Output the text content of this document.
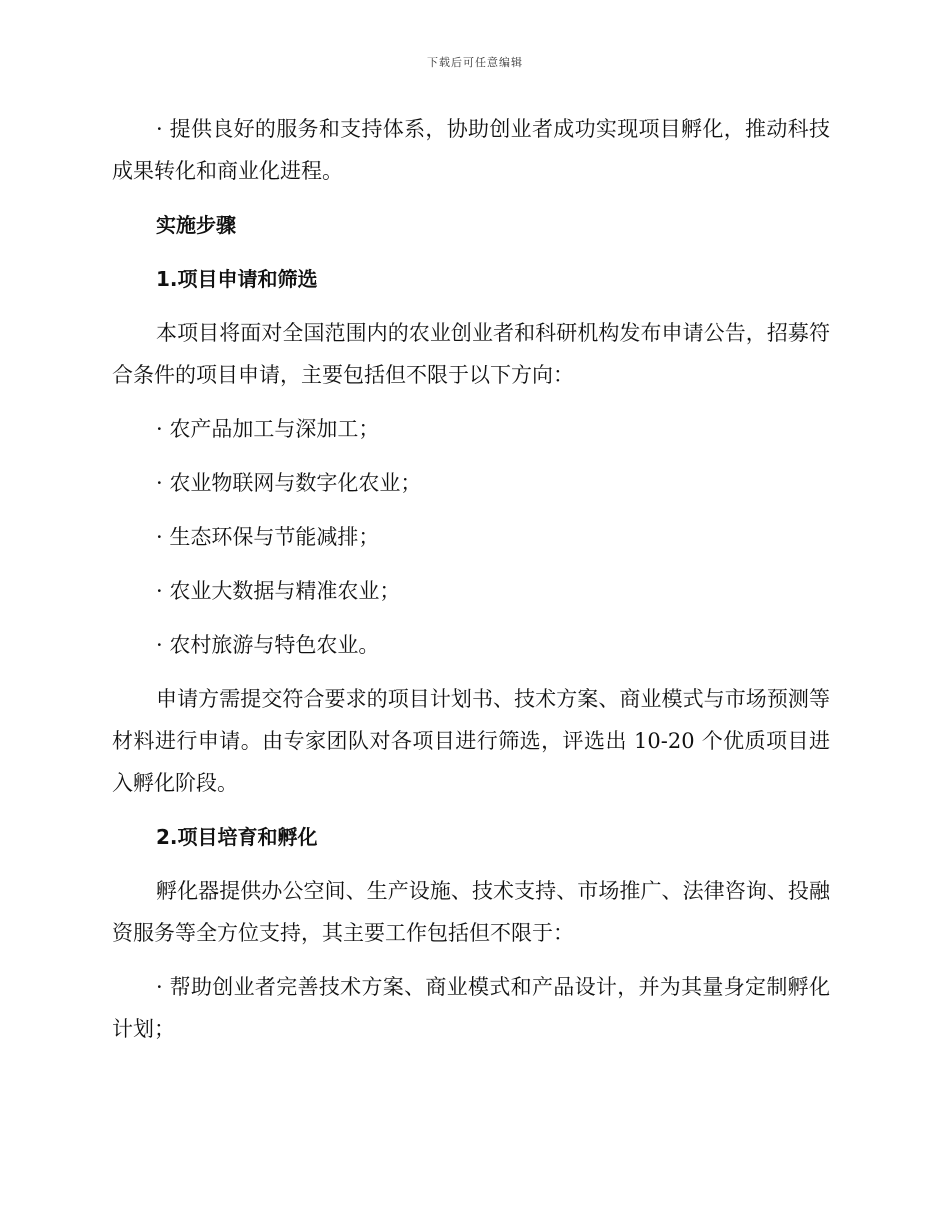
下载后可任意编辑

· 提供良好的服务和支持体系，协助创业者成功实现项目孵化，推动科技成果转化和商业化进程。

实施步骤
1.项目申请和筛选

本项目将面对全国范围内的农业创业者和科研机构发布申请公告，招募符合条件的项目申请，主要包括但不限于以下方向：

· 农产品加工与深加工；

· 农业物联网与数字化农业；

· 生态环保与节能减排；

· 农业大数据与精准农业；

· 农村旅游与特色农业。

申请方需提交符合要求的项目计划书、技术方案、商业模式与市场预测等材料进行申请。由专家团队对各项目进行筛选，评选出 10-20 个优质项目进入孵化阶段。

2.项目培育和孵化

孵化器提供办公空间、生产设施、技术支持、市场推广、法律咨询、投融资服务等全方位支持，其主要工作包括但不限于：

· 帮助创业者完善技术方案、商业模式和产品设计，并为其量身定制孵化计划；
